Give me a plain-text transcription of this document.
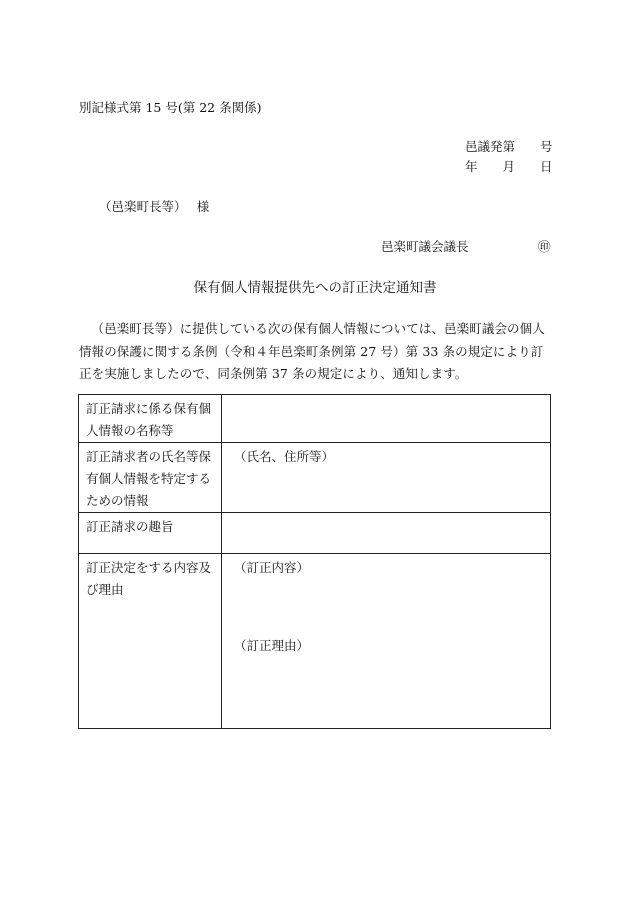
別記様式第 15 号(第 22 条関係)
邑議発第　　号
年　　月　　日
（邑楽町長等）　 様
邑楽町議会議長	㊞
保有個人情報提供先への訂正決定通知書
（邑楽町長等）に提供している次の保有個人情報については、邑楽町議会の個人情報の保護に関する条例（令和４年邑楽町条例第 27 号）第 33 条の規定により訂正を実施しましたので、同条例第 37 条の規定により、通知します。
訂正請求に係る保有個人情報の名称等	
訂正請求者の氏名等保有個人情報を特定するための情報	（氏名、住所等）
訂正請求の趣旨	
訂正決定をする内容及び理由	（訂正内容）
（訂正理由）
